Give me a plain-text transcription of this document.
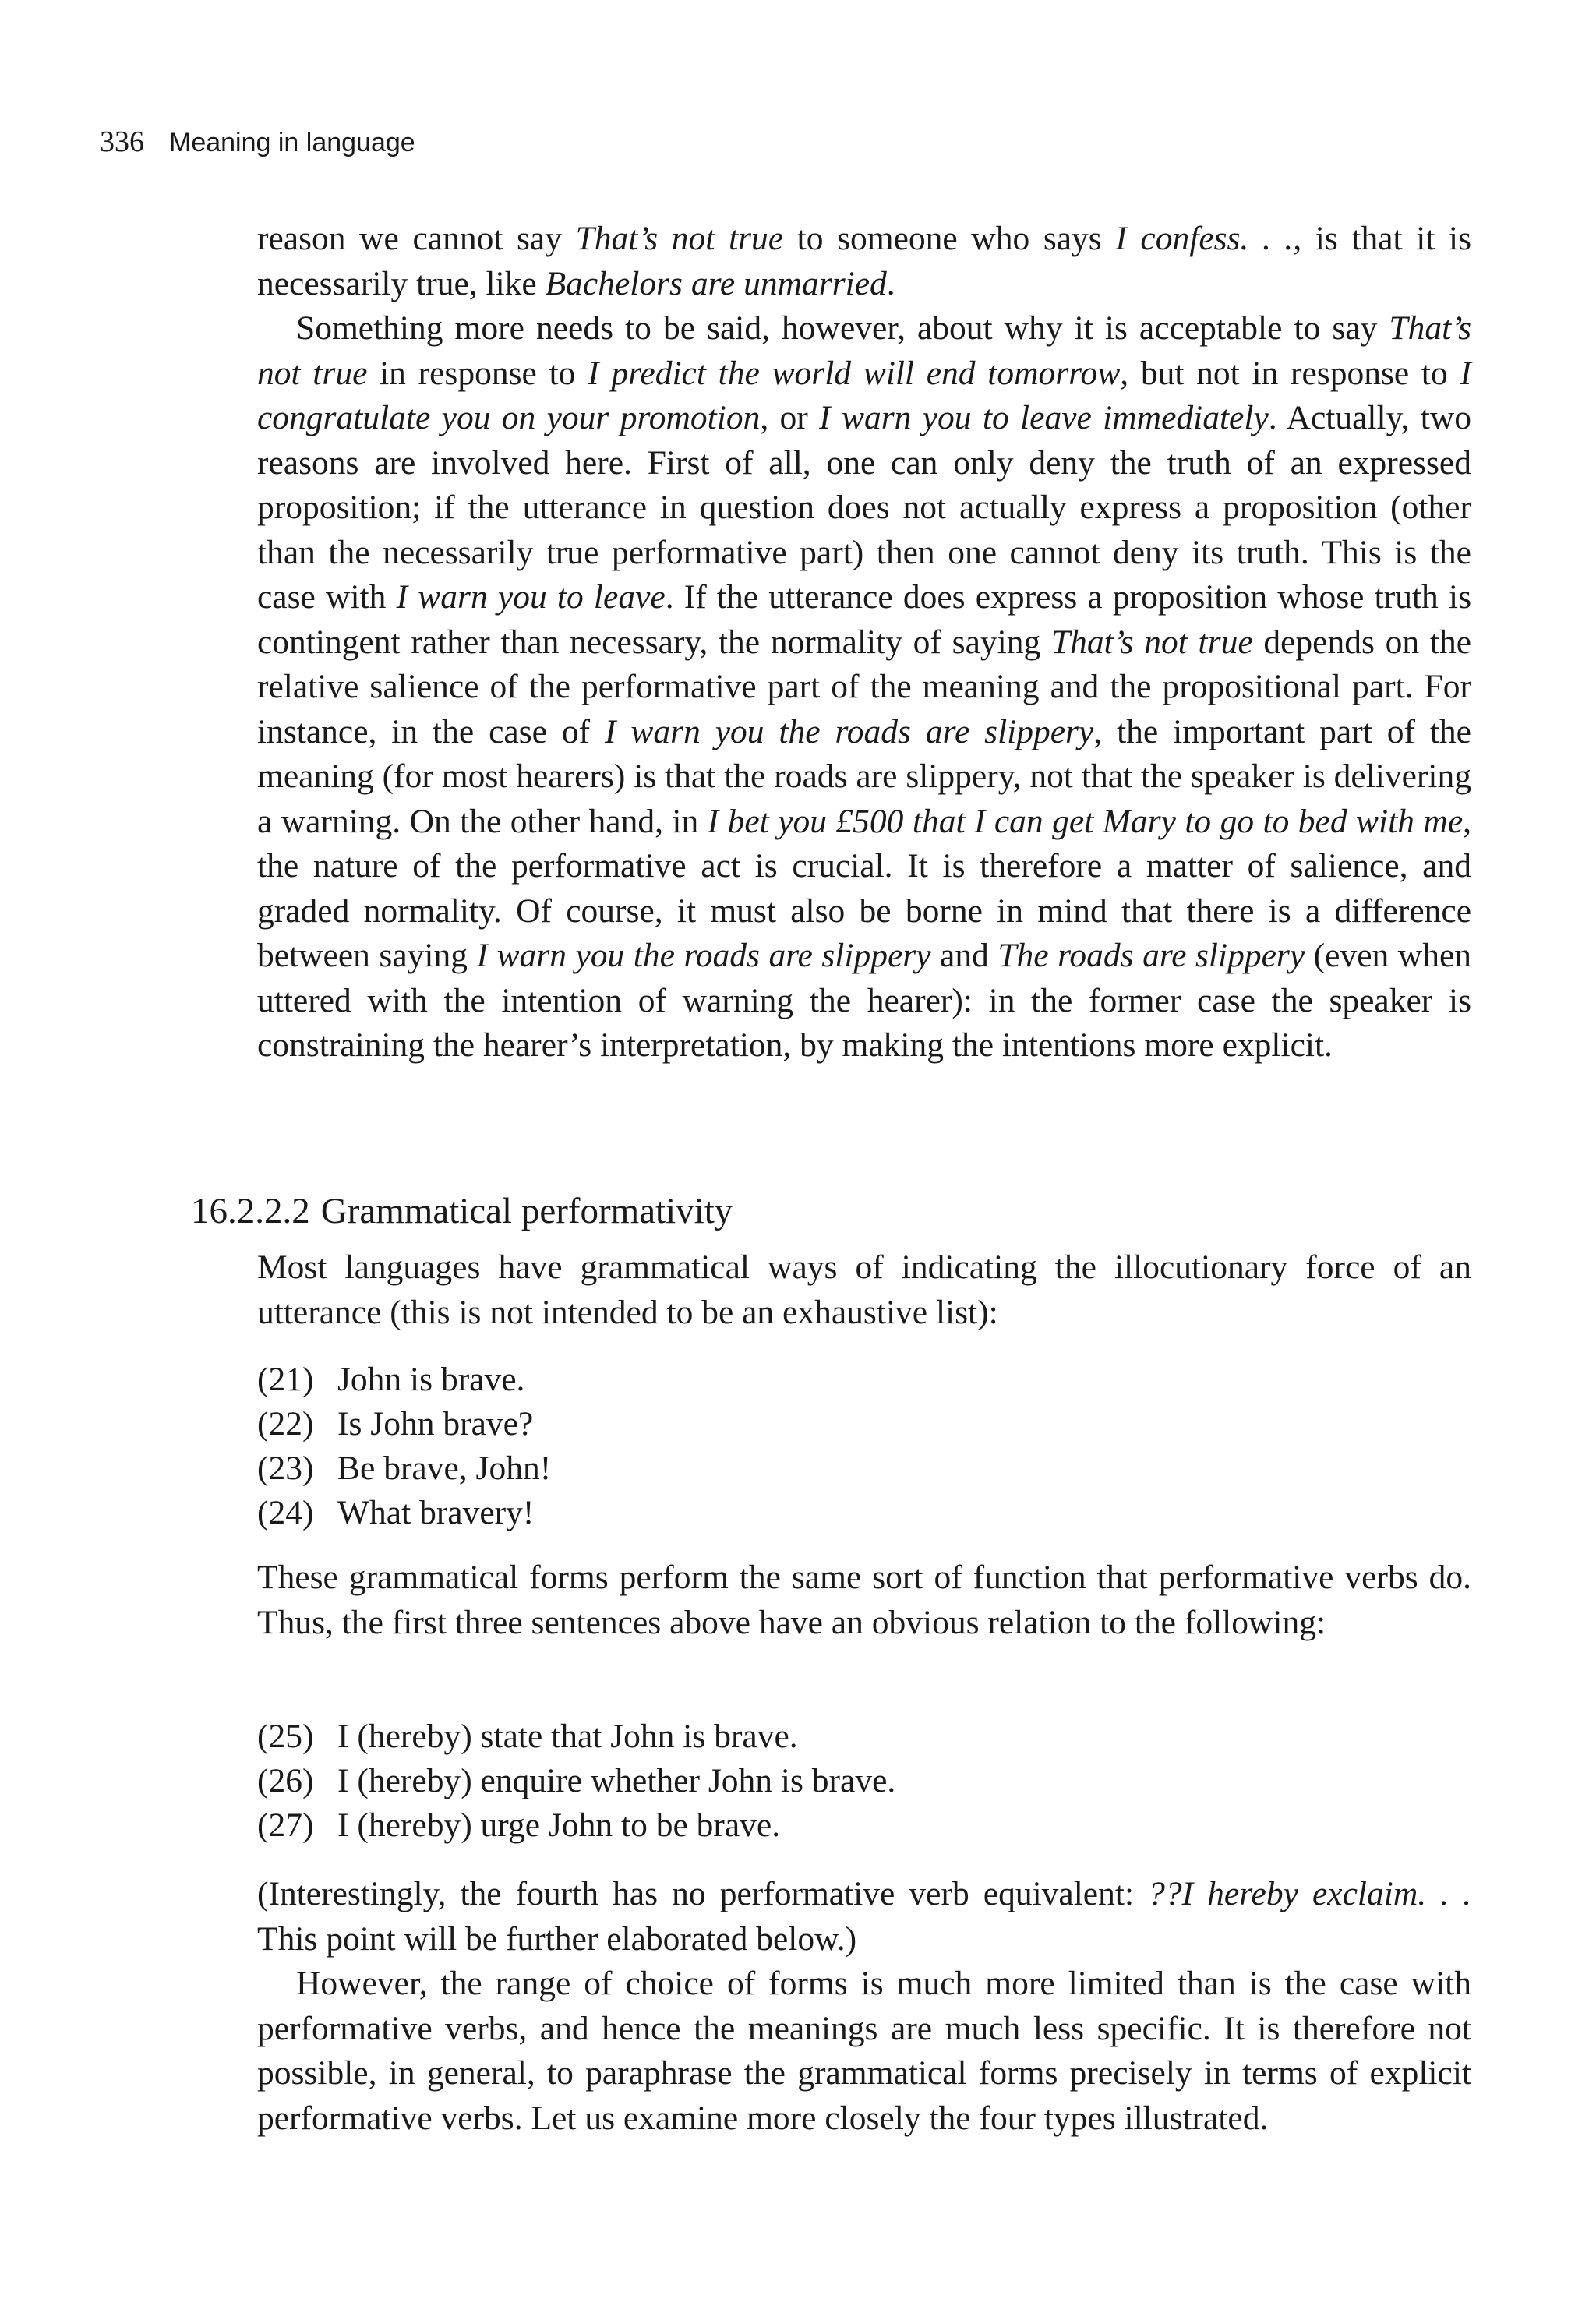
336 Meaning in language

reason we cannot say That’s not true to someone who says I confess. . ., is that it is necessarily true, like Bachelors are unmarried.

Something more needs to be said, however, about why it is acceptable to say That’s not true in response to I predict the world will end tomorrow, but not in response to I congratulate you on your promotion, or I warn you to leave immediately. Actually, two reasons are involved here. First of all, one can only deny the truth of an expressed proposition; if the utterance in question does not actually express a proposition (other than the necessarily true performative part) then one cannot deny its truth. This is the case with I warn you to leave. If the utterance does express a proposition whose truth is contingent rather than necessary, the normality of saying That’s not true depends on the relative salience of the performative part of the meaning and the propositional part. For instance, in the case of I warn you the roads are slippery, the important part of the meaning (for most hearers) is that the roads are slippery, not that the speaker is delivering a warning. On the other hand, in I bet you £500 that I can get Mary to go to bed with me, the nature of the performative act is crucial. It is therefore a matter of salience, and graded normality. Of course, it must also be borne in mind that there is a difference between saying I warn you the roads are slippery and The roads are slippery (even when uttered with the intention of warning the hearer): in the former case the speaker is constraining the hearer’s interpretation, by making the intentions more explicit.

16.2.2.2 Grammatical performativity

Most languages have grammatical ways of indicating the illocutionary force of an utterance (this is not intended to be an exhaustive list):

(21) John is brave.
(22) Is John brave?
(23) Be brave, John!
(24) What bravery!

These grammatical forms perform the same sort of function that performative verbs do. Thus, the first three sentences above have an obvious relation to the following:

(25) I (hereby) state that John is brave.
(26) I (hereby) enquire whether John is brave.
(27) I (hereby) urge John to be brave.

(Interestingly, the fourth has no performative verb equivalent: ??I hereby exclaim. . . This point will be further elaborated below.)

However, the range of choice of forms is much more limited than is the case with performative verbs, and hence the meanings are much less specific. It is therefore not possible, in general, to paraphrase the grammatical forms precisely in terms of explicit performative verbs. Let us examine more closely the four types illustrated.
